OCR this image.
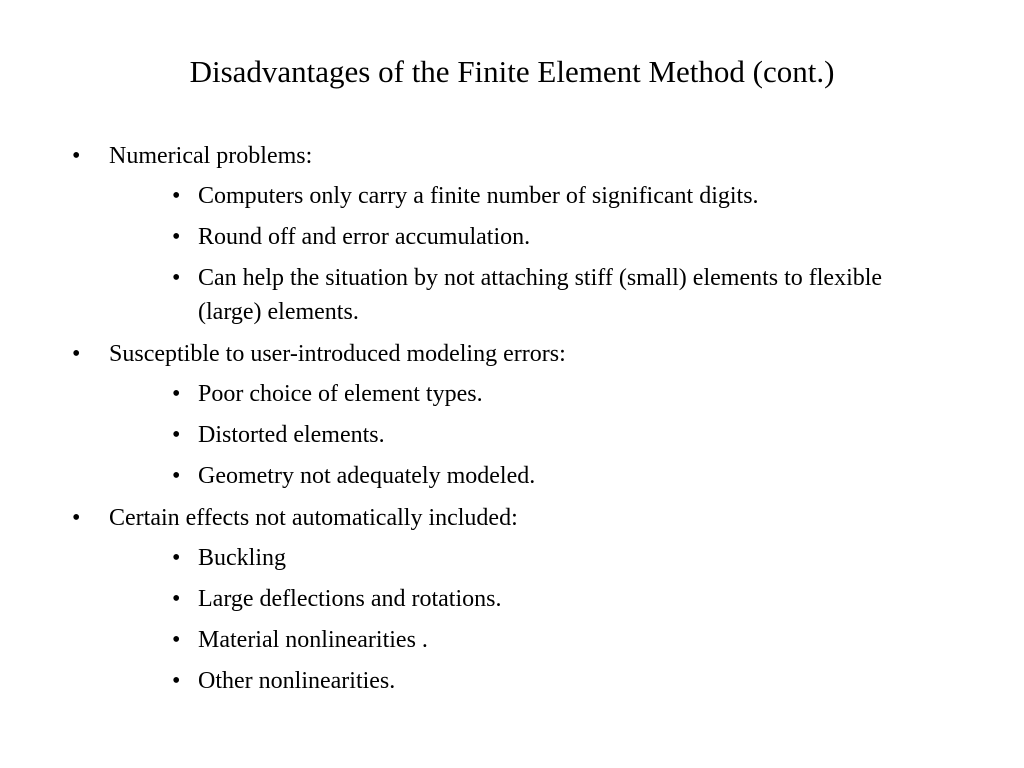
Disadvantages of the Finite Element Method (cont.)
• Numerical problems:
• Computers only carry a finite number of significant digits.
• Round off and error accumulation.
• Can help the situation by not attaching stiff (small) elements to flexible (large) elements.
• Susceptible to user-introduced modeling errors:
• Poor choice of element types.
• Distorted elements.
• Geometry not adequately modeled.
• Certain effects not automatically included:
• Buckling
• Large deflections and rotations.
• Material nonlinearities .
• Other nonlinearities.
